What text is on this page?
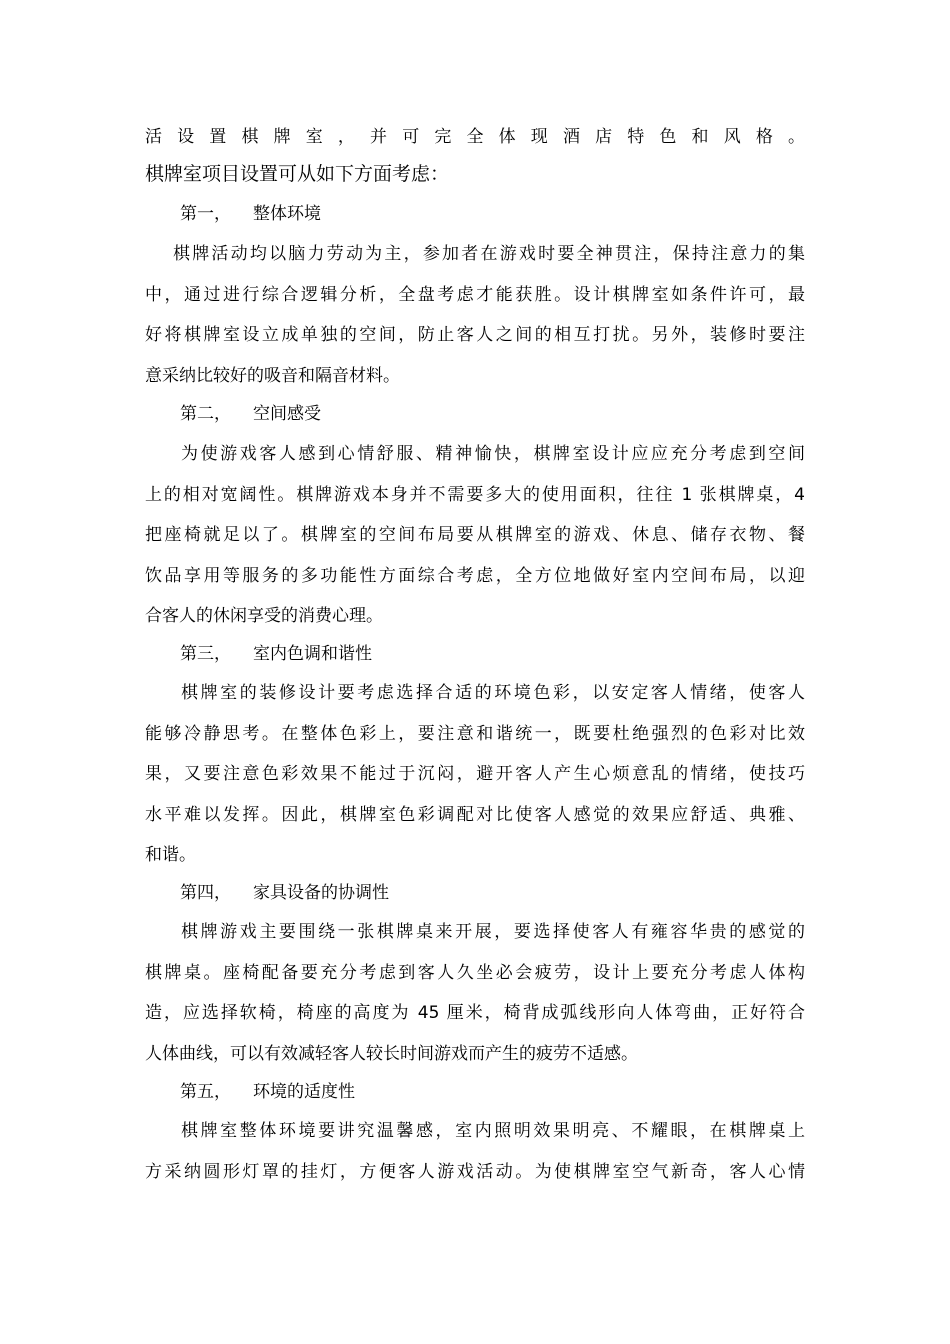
活设置棋牌室，并可完全体现酒店特色和风格。
棋牌室项目设置可从如下方面考虑：
第一， 整体环境
棋牌活动均以脑力劳动为主，参加者在游戏时要全神贯注，保持注意力的集
中，通过进行综合逻辑分析，全盘考虑才能获胜。设计棋牌室如条件许可，最
好将棋牌室设立成单独的空间，防止客人之间的相互打扰。另外，装修时要注
意采纳比较好的吸音和隔音材料。
第二， 空间感受
为使游戏客人感到心情舒服、精神愉快，棋牌室设计应应充分考虑到空间
上的相对宽阔性。棋牌游戏本身并不需要多大的使用面积，往往 1 张棋牌桌，4
把座椅就足以了。棋牌室的空间布局要从棋牌室的游戏、休息、储存衣物、餐
饮品享用等服务的多功能性方面综合考虑，全方位地做好室内空间布局，以迎
合客人的休闲享受的消费心理。
第三， 室内色调和谐性
棋牌室的装修设计要考虑选择合适的环境色彩，以安定客人情绪，使客人
能够冷静思考。在整体色彩上，要注意和谐统一，既要杜绝强烈的色彩对比效
果，又要注意色彩效果不能过于沉闷，避开客人产生心烦意乱的情绪，使技巧
水平难以发挥。因此，棋牌室色彩调配对比使客人感觉的效果应舒适、典雅、
和谐。
第四， 家具设备的协调性
棋牌游戏主要围绕一张棋牌桌来开展，要选择使客人有雍容华贵的感觉的
棋牌桌。座椅配备要充分考虑到客人久坐必会疲劳，设计上要充分考虑人体构
造，应选择软椅，椅座的高度为 45 厘米，椅背成弧线形向人体弯曲，正好符合
人体曲线，可以有效减轻客人较长时间游戏而产生的疲劳不适感。
第五， 环境的适度性
棋牌室整体环境要讲究温馨感，室内照明效果明亮、不耀眼，在棋牌桌上
方采纳圆形灯罩的挂灯，方便客人游戏活动。为使棋牌室空气新奇，客人心情
